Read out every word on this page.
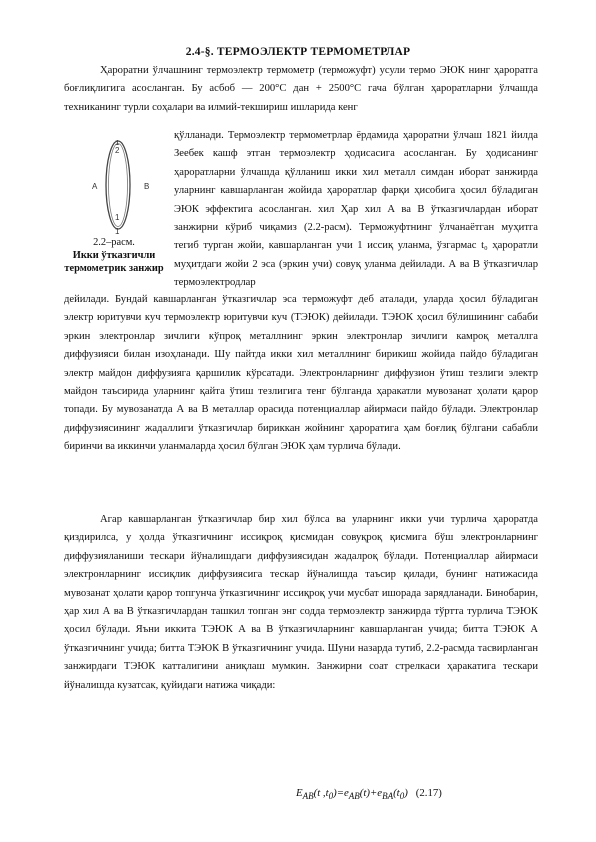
2.4-§. ТЕРМОЭЛЕКТР ТЕРМОМЕТРЛАР
Ҳароратни ўлчашнинг термоэлектр термометр (терможуфт) усули термо ЭЮК нинг ҳароратга боғлиқлигига асосланган. Бу асбоб — 200°С дан + 2500°С гача бўлган ҳароратларни ўлчашда техниканинг турли соҳалари ва илмий-текшириш ишларида кенг
1
2
A	B
1
1
2.2–расм.
Икки ўтказгичли термометрик занжир
қўлланади. Термоэлектр термометрлар ёрдамида ҳароратни ўлчаш 1821 йилда Зеебек кашф этган термоэлектр ҳодисасига асосланган. Бу ҳодисанинг ҳароратларни ўлчашда қўлланиш икки хил металл симдан иборат занжирда уларнинг кавшарланган жойида ҳароратлар фарқи ҳисобига ҳосил бўладиган ЭЮК эффектига асосланган. хил Ҳар хил А ва В ўтказгичлардан иборат занжирни кўриб чиқамиз (2.2-расм). Терможуфтнинг ўлчанаётган муҳитга тегиб турган жойи, кавшарланган учи 1 иссиқ уланма, ўзгармас t₀ ҳароратли муҳитдаги жойи 2 эса (эркин учи) совуқ уланма дейилади. А ва В ўтказгичлар термоэлектродлар
дейилади. Бундай кавшарланган ўтказгичлар эса терможуфт деб аталади, уларда ҳосил бўладиган электр юритувчи куч термоэлектр юритувчи куч (ТЭЮК) дейилади. ТЭЮК ҳосил бўлишининг сабаби эркин электронлар зичлиги кўпроқ металлнинг эркин электронлар зичлиги камроқ металлга диффузияси билан изоҳланади. Шу пайтда икки хил металлнинг бирикиш жойида пайдо бўладиган электр майдон диффузияга қаршилик кўрсатади. Электронларнинг диффузион ўтиш тезлиги электр майдон таъсирида уларнинг қайта ўтиш тезлигига тенг бўлганда ҳаракатли мувозанат ҳолати қарор топади. Бу мувозанатда А ва В металлар орасида потенциаллар айирмаси пайдо бўлади. Электронлар диффузиясининг жадаллиги ўтказгичлар бириккан жойнинг ҳароратига ҳам боғлиқ бўлгани сабабли биринчи ва иккинчи уланмаларда ҳосил бўлган ЭЮК ҳам турлича бўлади.
Агар кавшарланган ўтказгичлар бир хил бўлса ва уларнинг икки учи турлича ҳароратда қиздирилса, у ҳолда ўтказгичнинг иссиқроқ қисмидан совуқроқ қисмига бўш электронларнинг диффузияланиши тескари йўналишдаги диффузиясидан жадалроқ бўлади. Потенциаллар айирмаси электронларнинг иссиқлик диффузиясига тескар йўналишда таъсир қилади, бунинг натижасида мувозанат ҳолати қарор топгунча ўтказгичнинг иссиқроқ учи мусбат ишорада зарядланади. Бинобарин, ҳар хил А ва В ўтказгичлардан ташкил топган энг содда термоэлектр занжирда тўртта турлича ТЭЮК ҳосил бўлади. Яъни иккита ТЭЮК А ва В ўтказгичларнинг кавшарланган учида; битта ТЭЮК А ўтказгичнинг учида; битта ТЭЮК В ўтказгичнинг учида. Шуни назарда тутиб, 2.2-расмда тасвирланган занжирдаги ТЭЮК катталигини аниқлаш мумкин. Занжирни соат стрелкаси ҳаракатига тескари йўналишда кузатсак, қуйидаги натижа чиқади:
$E_{AB}(t$ $,t_0)=e_{AB}(t)+e_{BA}(t_0)$ (2.17)
